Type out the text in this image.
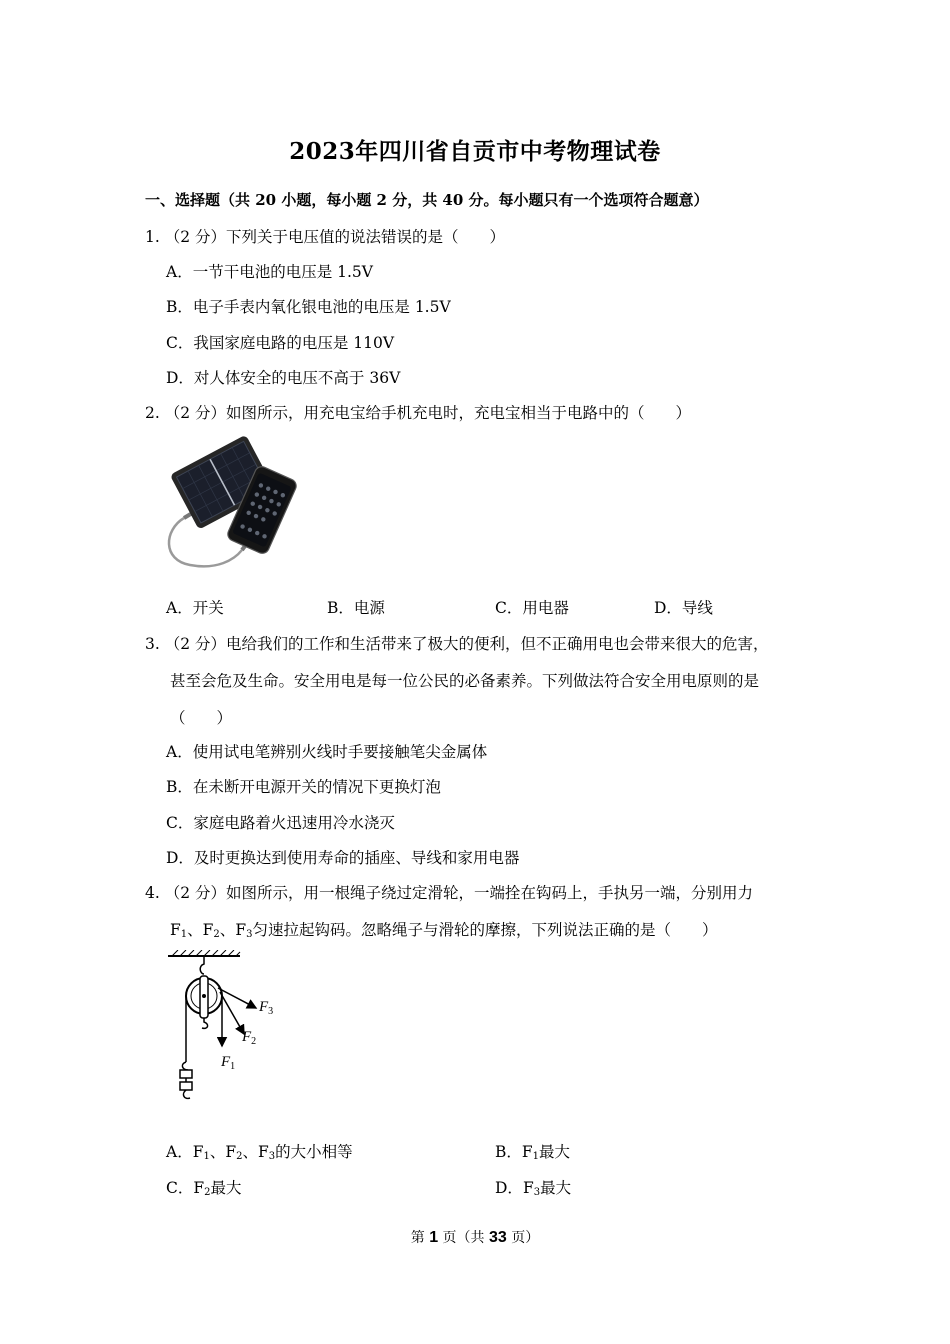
2023年四川省自贡市中考物理试卷
一、选择题（共 20 小题，每小题 2 分，共 40 分。每小题只有一个选项符合题意）
1. （2 分）下列关于电压值的说法错误的是（　　）
A．一节干电池的电压是 1.5V
B．电子手表内氧化银电池的电压是 1.5V
C．我国家庭电路的电压是 110V
D．对人体安全的电压不高于 36V
2. （2 分）如图所示，用充电宝给手机充电时，充电宝相当于电路中的（　　）
A．开关	B．电源	C．用电器	D．导线
3. （2 分）电给我们的工作和生活带来了极大的便利，但不正确用电也会带来很大的危害，
甚至会危及生命。安全用电是每一位公民的必备素养。下列做法符合安全用电原则的是
（　　）
A．使用试电笔辨别火线时手要接触笔尖金属体
B．在未断开电源开关的情况下更换灯泡
C．家庭电路着火迅速用冷水浇灭
D．及时更换达到使用寿命的插座、导线和家用电器
4. （2 分）如图所示，用一根绳子绕过定滑轮，一端拴在钩码上，手执另一端，分别用力
$F_1$、$F_2$、$F_3$匀速拉起钩码。忽略绳子与滑轮的摩擦，下列说法正确的是（　　）
$F_1$
$F_2$
$F_3$
A．$F_1$、$F_2$、$F_3$的大小相等	B．$F_1$最大
C．$F_2$最大	D．$F_3$最大
第 1 页（共 33 页）
